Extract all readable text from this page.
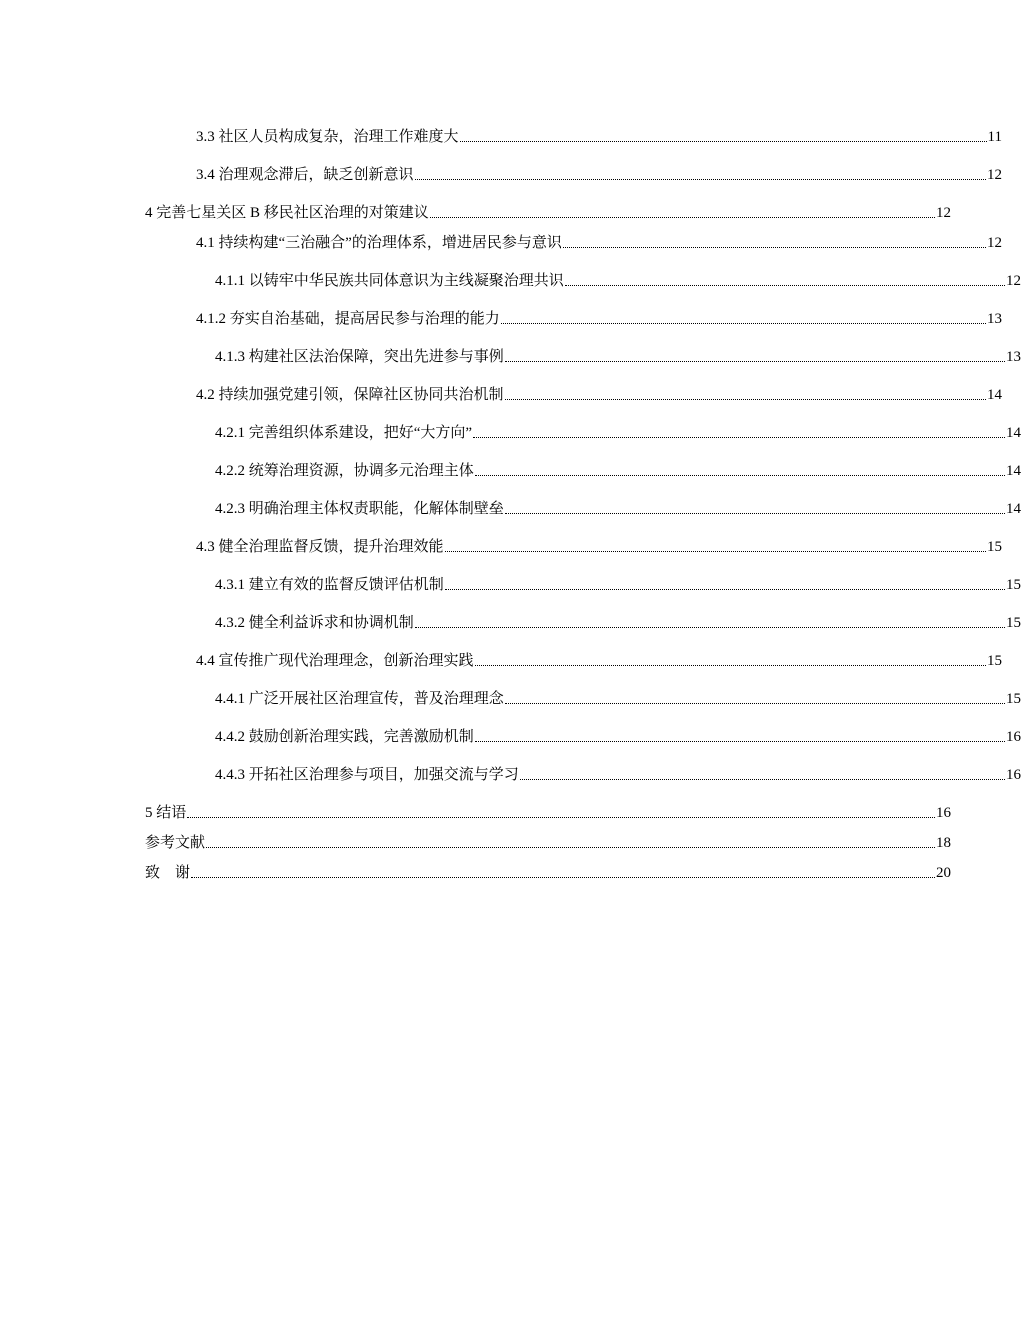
3.3 社区人员构成复杂，治理工作难度大	11
3.4 治理观念滞后，缺乏创新意识	12
4 完善七星关区 B 移民社区治理的对策建议	12
4.1 持续构建“三治融合”的治理体系，增进居民参与意识	12
4.1.1 以铸牢中华民族共同体意识为主线凝聚治理共识	12
4.1.2 夯实自治基础，提高居民参与治理的能力	13
4.1.3 构建社区法治保障，突出先进参与事例	13
4.2 持续加强党建引领，保障社区协同共治机制	14
4.2.1 完善组织体系建设，把好“大方向”	14
4.2.2 统筹治理资源，协调多元治理主体	14
4.2.3 明确治理主体权责职能，化解体制壁垒	14
4.3 健全治理监督反馈，提升治理效能	15
4.3.1 建立有效的监督反馈评估机制	15
4.3.2 健全利益诉求和协调机制	15
4.4 宣传推广现代治理理念，创新治理实践	15
4.4.1 广泛开展社区治理宣传，普及治理理念	15
4.4.2 鼓励创新治理实践，完善激励机制	16
4.4.3 开拓社区治理参与项目，加强交流与学习	16
5 结语	16
参考文献	18
致　谢	20
